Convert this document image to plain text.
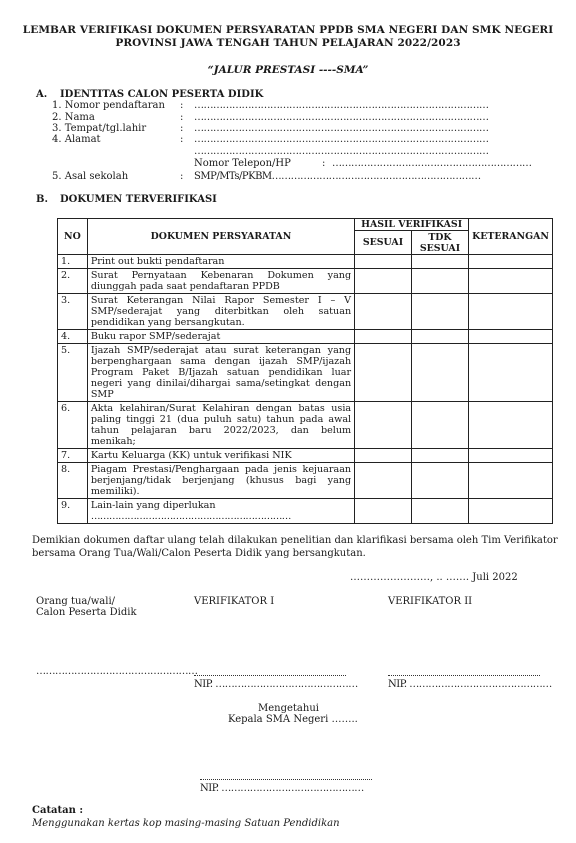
LEMBAR VERIFIKASI DOKUMEN PERSYARATAN PPDB SMA NEGERI DAN SMK NEGERI
PROVINSI JAWA TENGAH TAHUN PELAJARAN 2022/2023
“JALUR PRESTASI ----SMA”
A. IDENTITAS CALON PESERTA DIDIK
1. Nomor pendaftaran : …………………………………………………………………………………
2. Nama	: …………………………………………………………………………………
3. Tempat/tgl.lahir	: …………………………………………………………………………………
4. Alamat	: …………………………………………………………………………………
…………………………………………………………………………………
Nomor Telepon/HP	: ………………………………………………………
5. Asal sekolah	: SMP/MTs/PKBM…………………………………………………………
B. DOKUMEN TERVERIFIKASI
NO	DOKUMEN PERSYARATAN	HASIL VERIFIKASI		KETERANGAN
		SESUAI	TDK SESUAI	
1.	Print out bukti pendaftaran			
2.	Surat Pernyataan Kebenaran Dokumen yang diunggah pada saat pendaftaran PPDB			
3.	Surat Keterangan Nilai Rapor Semester I – V SMP/sederajat yang diterbitkan oleh satuan pendidikan yang bersangkutan.			
4.	Buku rapor SMP/sederajat			
5.	Ijazah SMP/sederajat atau surat keterangan yang berpenghargaan sama dengan ijazah SMP/ijazah Program Paket B/Ijazah satuan pendidikan luar negeri yang dinilai/dihargai sama/setingkat dengan SMP			
6.	Akta kelahiran/Surat Kelahiran dengan batas usia paling tinggi 21 (dua puluh satu) tahun pada awal tahun pelajaran baru 2022/2023, dan belum menikah;			
7.	Kartu Keluarga (KK) untuk verifikasi NIK			
8.	Piagam Prestasi/Penghargaan pada jenis kejuaraan berjenjang/tidak berjenjang (khusus bagi yang memiliki).			
9.	Lain-lain yang diperlukan
…………………………………………………………			

Demikian dokumen daftar ulang telah dilakukan penelitian dan klarifikasi bersama oleh Tim Verifikator
bersama Orang Tua/Wali/Calon Peserta Didik yang bersangkutan.
……………………, .. ……. Juli 2022
Orang tua/wali/
Calon Peserta Didik
VERIFIKATOR I	VERIFIKATOR II
……………………………………………
NIP. ………………………………………	NIP. ………………………………………
Mengetahui
Kepala SMA Negeri ……..
NIP. ………………………………………
Catatan :
Menggunakan kertas kop masing-masing Satuan Pendidikan
